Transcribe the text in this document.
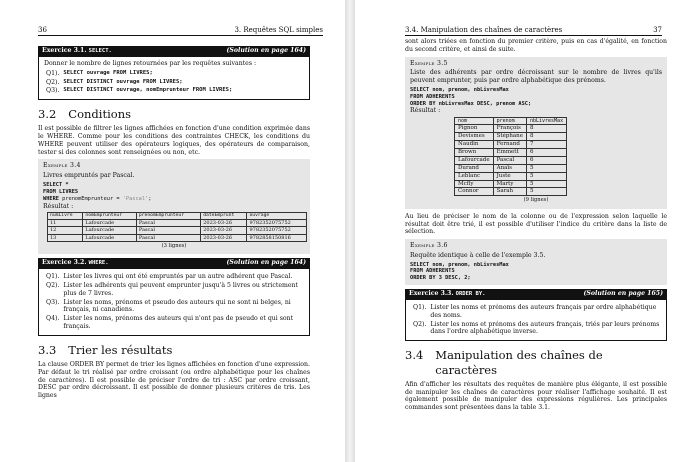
36	3. Requêtes SQL simples
Exercice 3.1. SELECT.	(Solution en page 164)

Donner le nombre de lignes retournées par les requêtes suivantes :

Q1). SELECT ouvrage FROM LIVRES;
Q2). SELECT DISTINCT ouvrage FROM LIVRES;
Q3). SELECT DISTINCT ouvrage, nomEmprunteur FROM LIVRES;
3.2 Conditions

Il est possible de filtrer les lignes affichées en fonction d'une condition exprimée dans le WHERE. Comme pour les conditions des contraintes CHECK, les conditions du WHERE peuvent utiliser des opérateurs logiques, des opérateurs de comparaison, tester si des colonnes sont renseignées ou non, etc.

Exemple 3.4

Livres empruntés par Pascal.

SELECT *
FROM LIVRES
WHERE prenomEmprunteur = 'Pascal';

Résultat :

numLivre	nomEmprunteur	prenomEmprunteur	dateEmprunt	ouvrage
11	Lafourcade	Pascal	2023-03-26	9782352075752
12	Lafourcade	Pascal	2023-03-26	9782352075752
13	Lafourcade	Pascal	2023-03-26	9782858150816
(3 lignes)
Exercice 3.2. WHERE.	(Solution en page 164)
Q1). Lister les livres qui ont été empruntés par un autre adhérent que Pascal.
Q2). Lister les adhérents qui peuvent emprunter jusqu'à 5 livres ou strictement plus de 7 livres.
Q3). Lister les noms, prénoms et pseudo des auteurs qui ne sont ni belges, ni français, ni canadiens.
Q4). Lister les noms, prénoms des auteurs qui n'ont pas de pseudo et qui sont français.
3.3 Trier les résultats

La clause ORDER BY permet de trier les lignes affichées en fonction d'une expression. Par défaut le tri réalisé par ordre croissant (ou ordre alphabétique pour les chaînes de caractères). Il est possible de préciser l'ordre de tri : ASC par ordre croissant, DESC par ordre décroissant. Il est possible de donner plusieurs critères de tris. Les lignes

3.4. Manipulation des chaînes de caractères	37

sont alors triées en fonction du premier critère, puis en cas d'égalité, en fonction du second critère, et ainsi de suite.

Exemple 3.5

Liste des adhérents par ordre décroissant sur le nombre de livres qu'ils peuvent emprunter, puis par ordre alphabétique des prénoms.

SELECT nom, prenom, nbLivresMax
FROM ADHERENTS
ORDER BY nbLivresMax DESC, prenom ASC;

Résultat :

nom	prenom	nbLivresMax
Pignon	François	8
Devismes	Stéphane	8
Naudin	Fernand	7
Brown	Emmett	6
Lafourcade	Pascal	6
Durand	Anaïs	5
Leblanc	Juste	5
Mcfly	Marty	5
Connor	Sarah	5
(9 lignes)

Au lieu de préciser le nom de la colonne ou de l'expression selon laquelle le résultat doit être trié, il est possible d'utiliser l'indice du critère dans la liste de sélection.

Exemple 3.6

Requête identique à celle de l'exemple 3.5.

SELECT nom, prenom, nbLivresMax
FROM ADHERENTS
ORDER BY 3 DESC, 2;
Exercice 3.3. ORDER BY.	(Solution en page 165)
Q1). Lister les noms et prénoms des auteurs français par ordre alphabétique des noms.
Q2). Lister les noms et prénoms des auteurs français, triés par leurs prénoms dans l'ordre alphabétique inverse.
3.4 Manipulation des chaînes de caractères

Afin d'afficher les résultats des requêtes de manière plus élégante, il est possible de manipuler les chaînes de caractères pour réaliser l'affichage souhaité. Il est également possible de manipuler des expressions régulières. Les principales commandes sont présentées dans la table 3.1.
